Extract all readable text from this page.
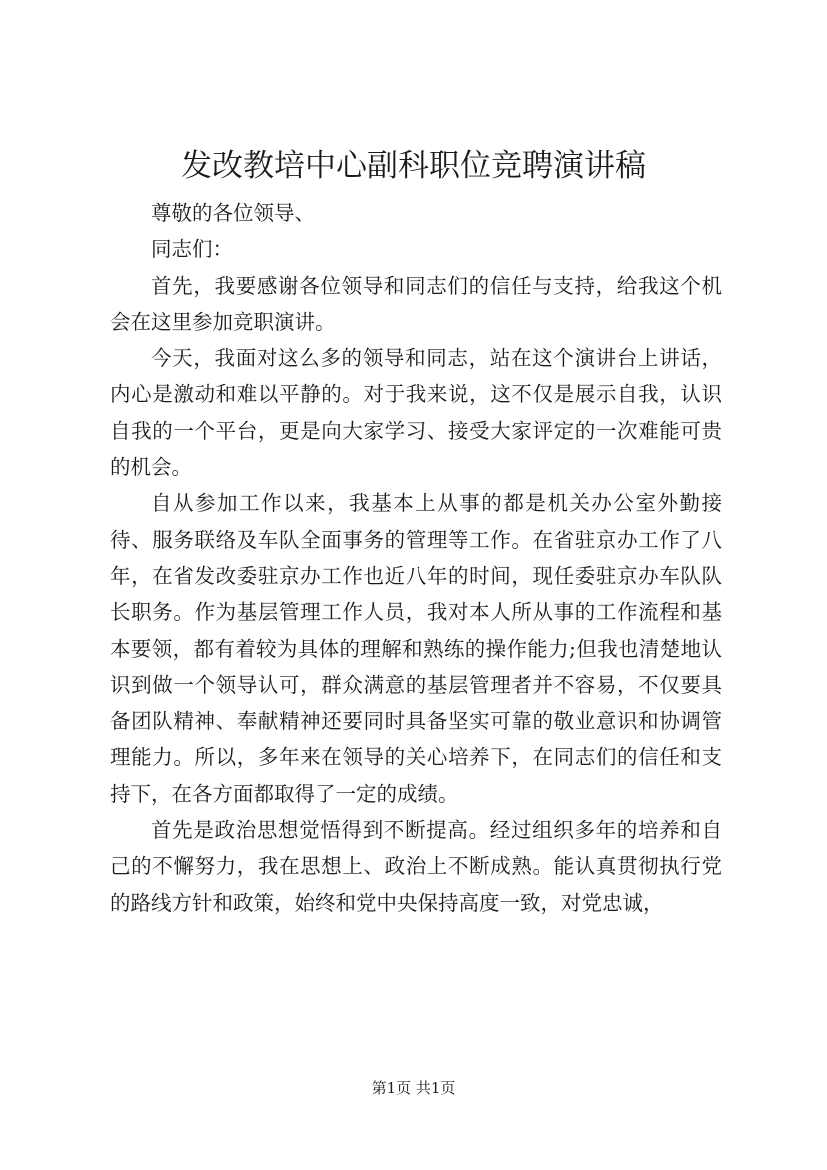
发改教培中心副科职位竞聘演讲稿

尊敬的各位领导、

同志们：

首先，我要感谢各位领导和同志们的信任与支持，给我这个机会在这里参加竞职演讲。

今天，我面对这么多的领导和同志，站在这个演讲台上讲话，内心是激动和难以平静的。对于我来说，这不仅是展示自我，认识自我的一个平台，更是向大家学习、接受大家评定的一次难能可贵的机会。

自从参加工作以来，我基本上从事的都是机关办公室外勤接待、服务联络及车队全面事务的管理等工作。在省驻京办工作了八年，在省发改委驻京办工作也近八年的时间，现任委驻京办车队队长职务。作为基层管理工作人员，我对本人所从事的工作流程和基本要领，都有着较为具体的理解和熟练的操作能力;但我也清楚地认识到做一个领导认可，群众满意的基层管理者并不容易，不仅要具备团队精神、奉献精神还要同时具备坚实可靠的敬业意识和协调管理能力。所以，多年来在领导的关心培养下，在同志们的信任和支持下，在各方面都取得了一定的成绩。

首先是政治思想觉悟得到不断提高。经过组织多年的培养和自己的不懈努力，我在思想上、政治上不断成熟。能认真贯彻执行党的路线方针和政策，始终和党中央保持高度一致，对党忠诚，

第1页 共1页
